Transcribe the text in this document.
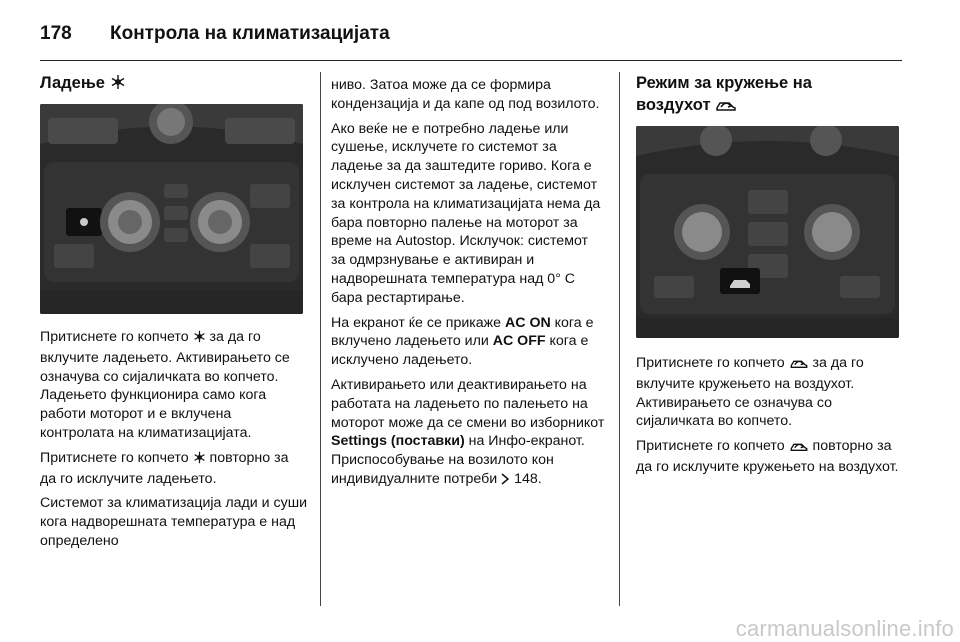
178	Контрола на климатизацијата
Ладење

Притиснете го копчето  за да го вклучите ладењето. Активирањето се означува со сијаличката во копчето. Ладењето функционира само кога работи моторот и е вклучена контролата на климатизацијата.

Притиснете го копчето  повторно за да го исклучите ладењето.

Системот за климатизација лади и суши кога надворешната температура е над определено

ниво. Затоа може да се формира кондензација и да капе од под возилото.

Ако веќе не е потребно ладење или сушење, исклучете го системот за ладење за да заштедите гориво. Кога е исклучен системот за ладење, системот за контрола на климатизацијата нема да бара повторно палење на моторот за време на Autostop. Исклучок: системот за одмрзнување е активиран и надворешната температура над 0° C бара рестартирање.

На екранот ќе се прикаже AC ON кога е вклучено ладењето или AC OFF кога е исклучено ладењето.

Активирањето или деактивирањето на работата на ладењето по палењето на моторот може да се смени во изборникот Settings (поставки) на Инфо-екранот. Приспособување на возилото кон индивидуалните потреби  148.

Режим за кружење на
воздухот

Притиснете го копчето  за да го вклучите кружењето на воздухот. Активирањето се означува со сијаличката во копчето.

Притиснете го копчето  повторно за да го исклучите кружењето на воздухот.

carmanualsonline.info
